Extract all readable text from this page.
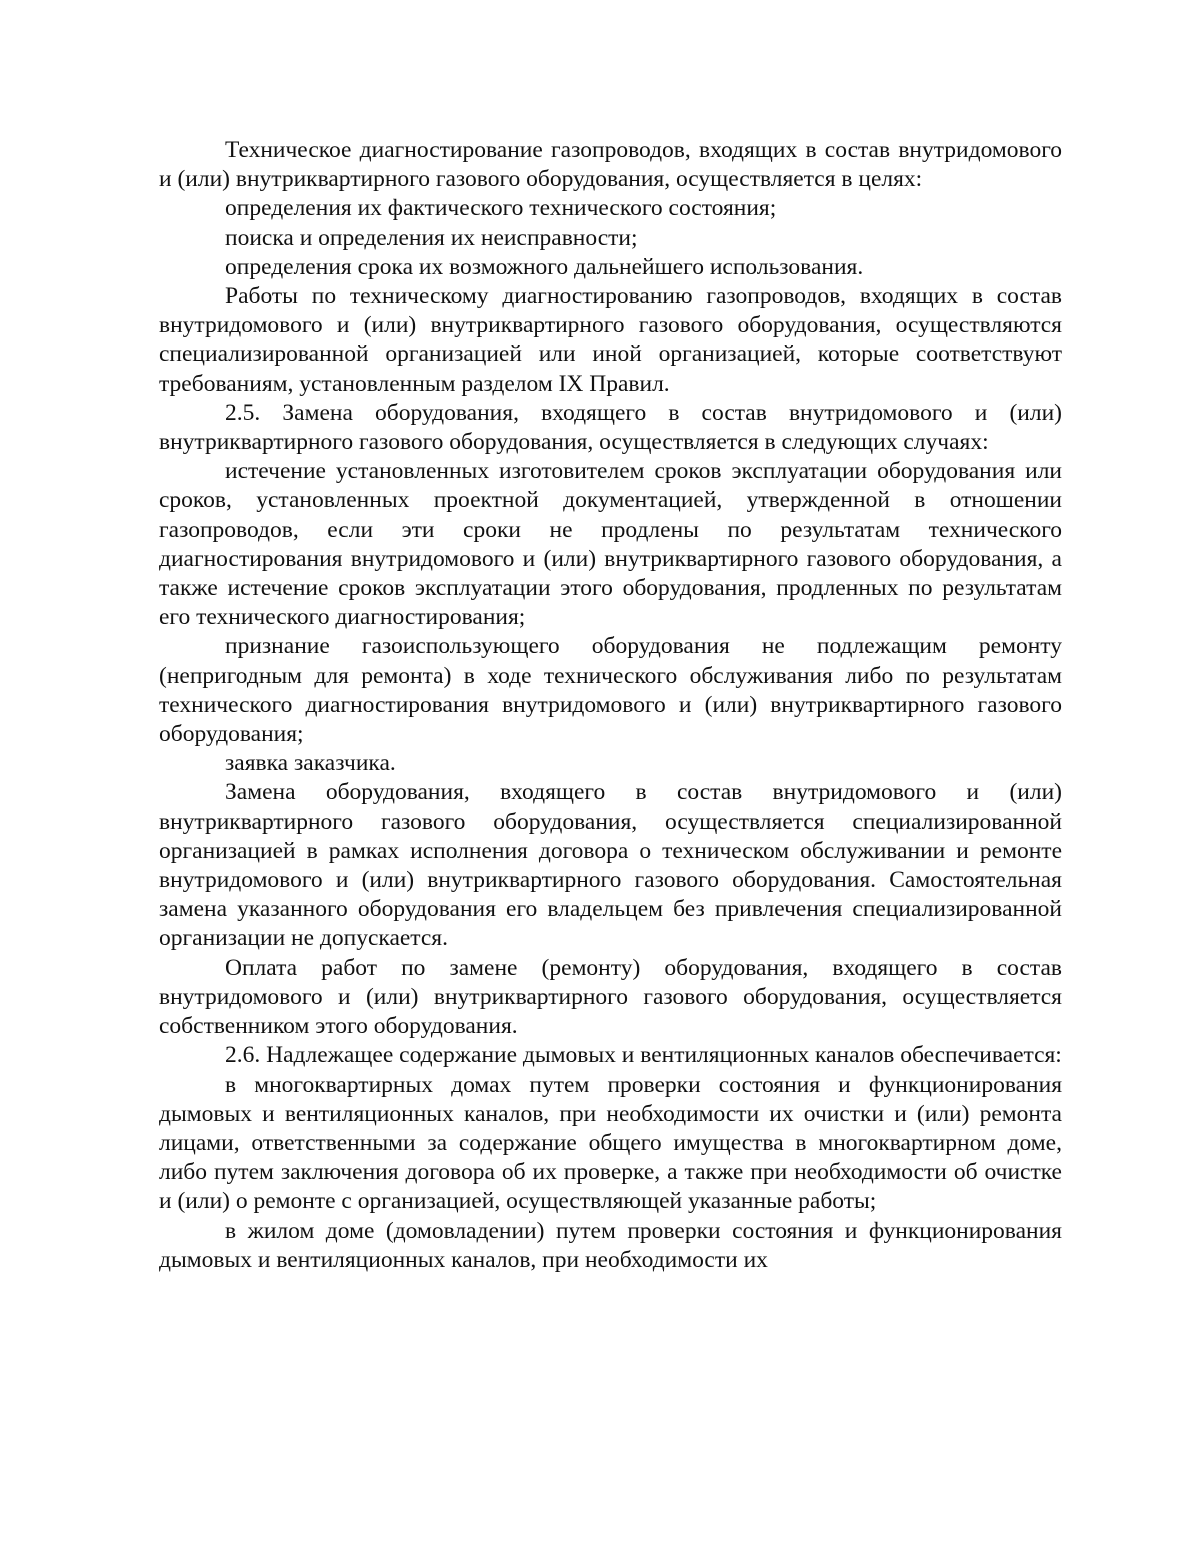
Техническое диагностирование газопроводов, входящих в состав внутридомового и (или) внутриквартирного газового оборудования, осуществляется в целях:

определения их фактического технического состояния;

поиска и определения их неисправности;

определения срока их возможного дальнейшего использования.

Работы по техническому диагностированию газопроводов, входящих в состав внутридомового и (или) внутриквартирного газового оборудования, осуществляются специализированной организацией или иной организацией, которые соответствуют требованиям, установленным разделом IX Правил.

2.5. Замена оборудования, входящего в состав внутридомового и (или) внутриквартирного газового оборудования, осуществляется в следующих случаях:

истечение установленных изготовителем сроков эксплуатации оборудования или сроков, установленных проектной документацией, утвержденной в отношении газопроводов, если эти сроки не продлены по результатам технического диагностирования внутридомового и (или) внутриквартирного газового оборудования, а также истечение сроков эксплуатации этого оборудования, продленных по результатам его технического диагностирования;

признание газоиспользующего оборудования не подлежащим ремонту (непригодным для ремонта) в ходе технического обслуживания либо по результатам технического диагностирования внутридомового и (или) внутриквартирного газового оборудования;

заявка заказчика.

Замена оборудования, входящего в состав внутридомового и (или) внутриквартирного газового оборудования, осуществляется специализированной организацией в рамках исполнения договора о техническом обслуживании и ремонте внутридомового и (или) внутриквартирного газового оборудования. Самостоятельная замена указанного оборудования его владельцем без привлечения специализированной организации не допускается.

Оплата работ по замене (ремонту) оборудования, входящего в состав внутридомового и (или) внутриквартирного газового оборудования, осуществляется собственником этого оборудования.

2.6. Надлежащее содержание дымовых и вентиляционных каналов обеспечивается:

в многоквартирных домах путем проверки состояния и функционирования дымовых и вентиляционных каналов, при необходимости их очистки и (или) ремонта лицами, ответственными за содержание общего имущества в многоквартирном доме, либо путем заключения договора об их проверке, а также при необходимости об очистке и (или) о ремонте с организацией, осуществляющей указанные работы;

в жилом доме (домовладении) путем проверки состояния и функционирования дымовых и вентиляционных каналов, при необходимости их
